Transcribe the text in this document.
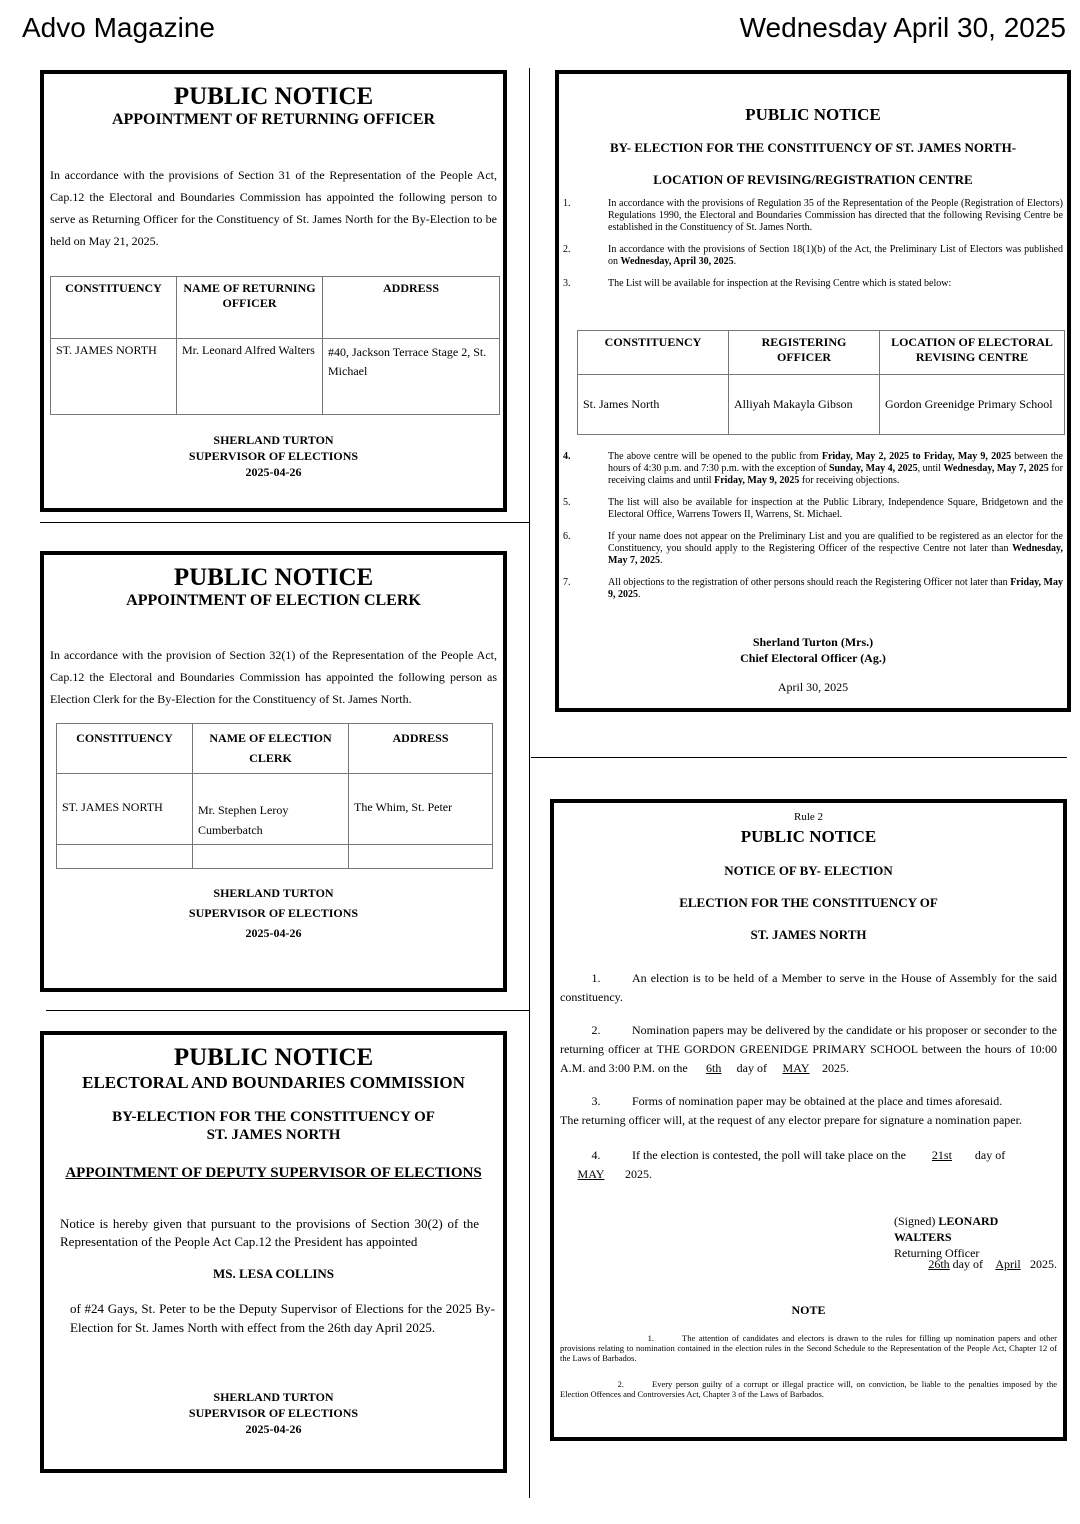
Advo Magazine	Wednesday April 30, 2025
PUBLIC NOTICE
APPOINTMENT OF RETURNING OFFICER
In accordance with the provisions of Section 31 of the Representation of the People Act, Cap.12 the Electoral and Boundaries Commission has appointed the following person to serve as Returning Officer for the Constituency of St. James North for the By-Election to be held on May 21, 2025.
CONSTITUENCY	NAME OF RETURNING OFFICER	ADDRESS
ST. JAMES NORTH	Mr. Leonard Alfred Walters	#40, Jackson Terrace Stage 2, St. Michael
SHERLAND TURTON
SUPERVISOR OF ELECTIONS
2025-04-26
PUBLIC NOTICE
APPOINTMENT OF ELECTION CLERK
In accordance with the provision of Section 32(1) of the Representation of the People Act, Cap.12 the Electoral and Boundaries Commission has appointed the following person as Election Clerk for the By-Election for the Constituency of St. James North.
CONSTITUENCY	NAME OF ELECTION CLERK	ADDRESS
ST. JAMES NORTH	Mr. Stephen Leroy Cumberbatch	The Whim, St. Peter

SHERLAND TURTON
SUPERVISOR OF ELECTIONS
2025-04-26
PUBLIC NOTICE
ELECTORAL AND BOUNDARIES COMMISSION
BY-ELECTION FOR THE CONSTITUENCY OF
ST. JAMES NORTH
APPOINTMENT OF DEPUTY SUPERVISOR OF ELECTIONS
Notice is hereby given that pursuant to the provisions of Section 30(2) of the Representation of the People Act Cap.12 the President has appointed
MS. LESA COLLINS
of #24 Gays, St. Peter to be the Deputy Supervisor of Elections for the 2025 By-Election for St. James North with effect from the 26th day April 2025.
SHERLAND TURTON
SUPERVISOR OF ELECTIONS
2025-04-26
PUBLIC NOTICE
BY- ELECTION FOR THE CONSTITUENCY OF ST. JAMES NORTH-
LOCATION OF REVISING/REGISTRATION CENTRE
1.	In accordance with the provisions of Regulation 35 of the Representation of the People (Registration of Electors) Regulations 1990, the Electoral and Boundaries Commission has directed that the following Revising Centre be established in the Constituency of St. James North.
2.	In accordance with the provisions of Section 18(1)(b) of the Act, the Preliminary List of Electors was published on Wednesday, April 30, 2025.
3.	The List will be available for inspection at the Revising Centre which is stated below:
CONSTITUENCY	REGISTERING OFFICER	LOCATION OF ELECTORAL REVISING CENTRE
St. James North	Alliyah Makayla Gibson	Gordon Greenidge Primary School
4.	The above centre will be opened to the public from Friday, May 2, 2025 to Friday, May 9, 2025 between the hours of 4:30 p.m. and 7:30 p.m. with the exception of Sunday, May 4, 2025, until Wednesday, May 7, 2025 for receiving claims and until Friday, May 9, 2025 for receiving objections.
5.	The list will also be available for inspection at the Public Library, Independence Square, Bridgetown and the Electoral Office, Warrens Towers II, Warrens, St. Michael.
6.	If your name does not appear on the Preliminary List and you are qualified to be registered as an elector for the Constituency, you should apply to the Registering Officer of the respective Centre not later than Wednesday, May 7, 2025.
7.	All objections to the registration of other persons should reach the Registering Officer not later than Friday, May 9, 2025.
Sherland Turton (Mrs.)
Chief Electoral Officer (Ag.)
April 30, 2025
Rule 2
PUBLIC NOTICE
NOTICE OF BY- ELECTION
ELECTION FOR THE CONSTITUENCY OF
ST. JAMES NORTH
1.	An election is to be held of a Member to serve in the House of Assembly for the said constituency.
2.	Nomination papers may be delivered by the candidate or his proposer or seconder to the returning officer at THE GORDON GREENIDGE PRIMARY SCHOOL between the hours of 10:00 A.M. and 3:00 P.M. on the 6th day of MAY 2025.
3.	Forms of nomination paper may be obtained at the place and times aforesaid.
The returning officer will, at the request of any elector prepare for signature a nomination paper.
4.	If the election is contested, the poll will take place on the 21st day of
MAY 2025.
(Signed) LEONARD WALTERS
Returning Officer
26th day of April 2025.
NOTE
1.	The attention of candidates and electors is drawn to the rules for filling up nomination papers and other provisions relating to nomination contained in the election rules in the Second Schedule to the Representation of the People Act, Chapter 12 of the Laws of Barbados.
2.	Every person guilty of a corrupt or illegal practice will, on conviction, be liable to the penalties imposed by the Election Offences and Controversies Act, Chapter 3 of the Laws of Barbados.
